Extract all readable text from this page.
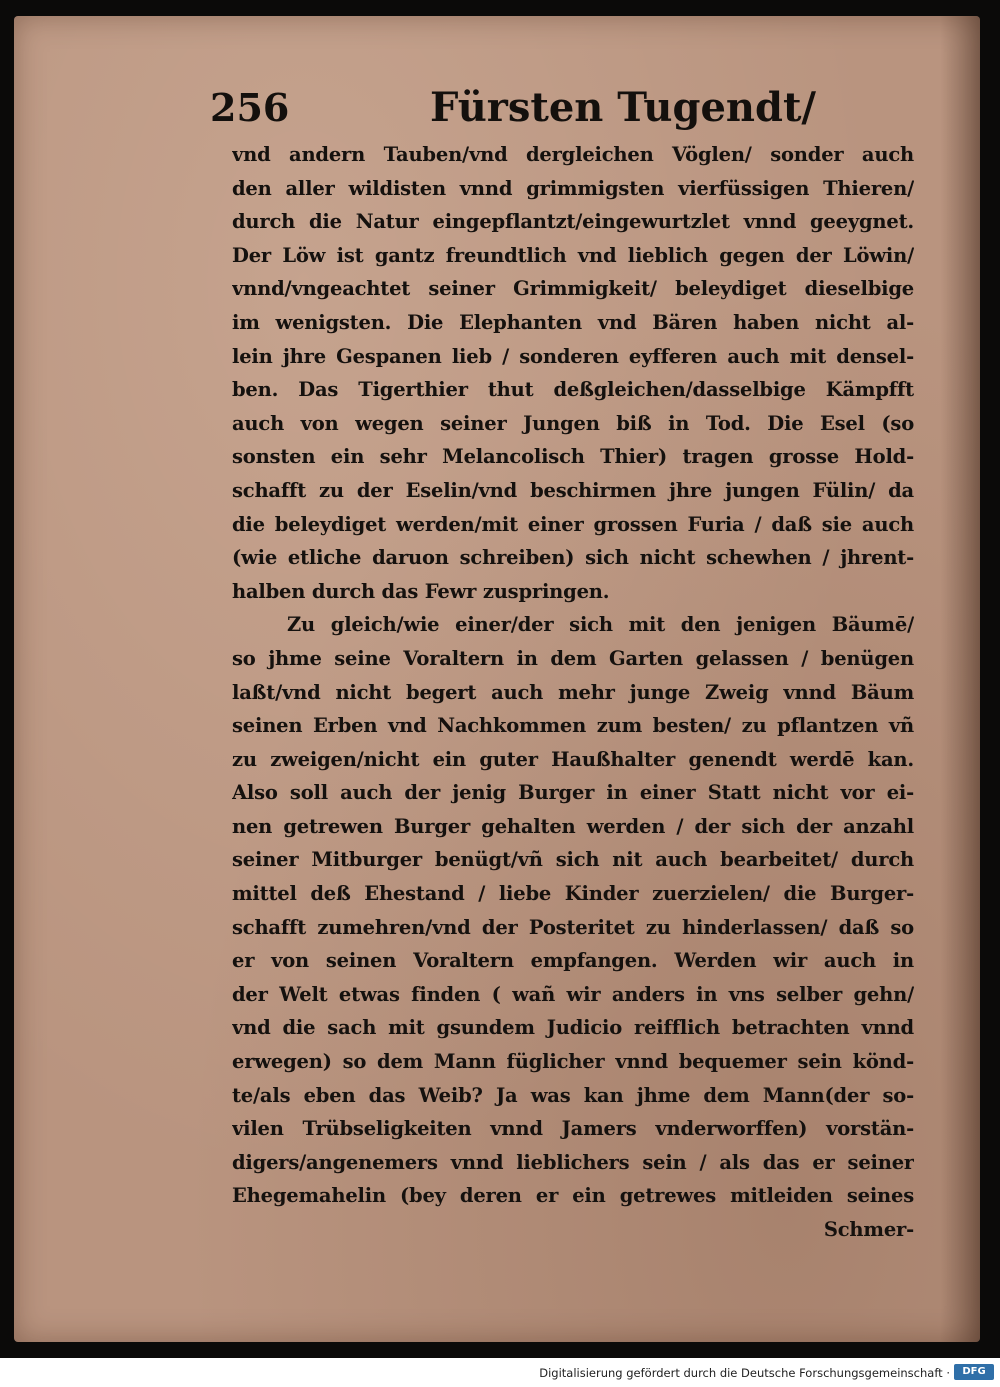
256	Fürsten Tugendt/
vnd andern Tauben/vnd dergleichen Vöglen/ sonder auch
den aller wildisten vnnd grimmigsten vierfüssigen Thieren/
durch die Natur eingepflantzt/eingewurtzlet vnnd geeygnet.
Der Löw ist gantz freundtlich vnd lieblich gegen der Löwin/
vnnd/vngeachtet seiner Grimmigkeit/ beleydiget dieselbige
im wenigsten. Die Elephanten vnd Bären haben nicht al-
lein jhre Gespanen lieb / sonderen eyfferen auch mit densel-
ben. Das Tigerthier thut deßgleichen/dasselbige Kämpfft
auch von wegen seiner Jungen biß in Tod. Die Esel (so
sonsten ein sehr Melancolisch Thier) tragen grosse Hold-
schafft zu der Eselin/vnd beschirmen jhre jungen Fülin/ da
die beleydiget werden/mit einer grossen Furia / daß sie auch
(wie etliche daruon schreiben) sich nicht schewhen / jhrent-
halben durch das Fewr zuspringen.
Zu gleich/wie einer/der sich mit den jenigen Bäumē/
so jhme seine Voraltern in dem Garten gelassen / benügen
laßt/vnd nicht begert auch mehr junge Zweig vnnd Bäum
seinen Erben vnd Nachkommen zum besten/ zu pflantzen vñ
zu zweigen/nicht ein guter Haußhalter genendt werdē kan.
Also soll auch der jenig Burger in einer Statt nicht vor ei-
nen getrewen Burger gehalten werden / der sich der anzahl
seiner Mitburger benügt/vñ sich nit auch bearbeitet/ durch
mittel deß Ehestand / liebe Kinder zuerzielen/ die Burger-
schafft zumehren/vnd der Posteritet zu hinderlassen/ daß so
er von seinen Voraltern empfangen. Werden wir auch in
der Welt etwas finden ( wañ wir anders in vns selber gehn/
vnd die sach mit gsundem Judicio reifflich betrachten vnnd
erwegen) so dem Mann füglicher vnnd bequemer sein könd-
te/als eben das Weib? Ja was kan jhme dem Mann(der so-
vilen Trübseligkeiten vnnd Jamers vnderworffen) vorstän-
digers/angenemers vnnd lieblichers sein / als das er seiner
Ehegemahelin (bey deren er ein getrewes mitleiden seines
Schmer-
Digitalisierung gefördert durch die Deutsche Forschungsgemeinschaft ·	DFG
